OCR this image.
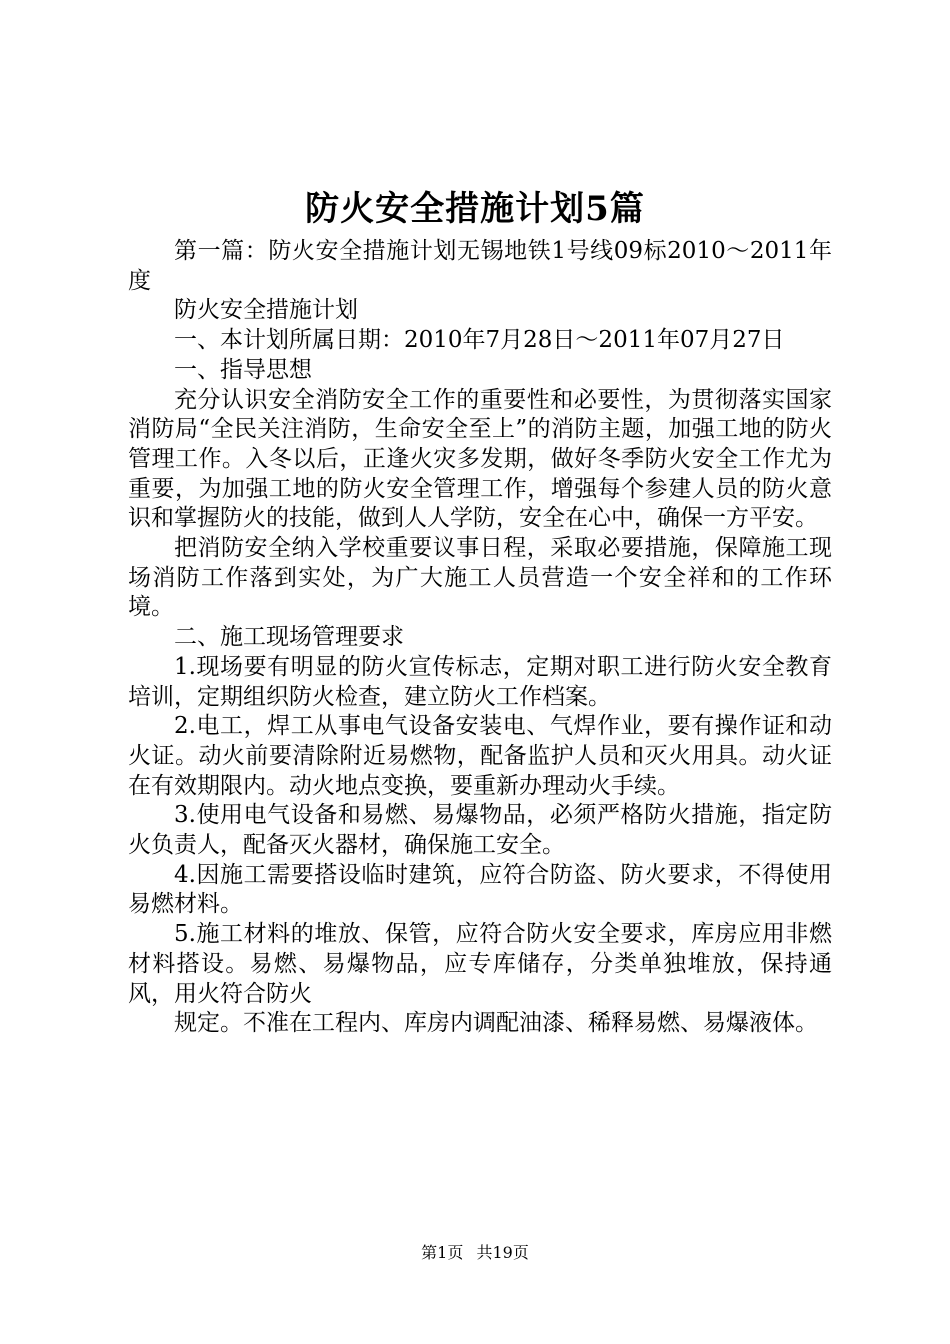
防火安全措施计划5篇

第一篇：防火安全措施计划无锡地铁1号线09标2010～2011年度

防火安全措施计划

一、本计划所属日期：2010年7月28日～2011年07月27日

一、指导思想

充分认识安全消防安全工作的重要性和必要性，为贯彻落实国家消防局“全民关注消防，生命安全至上”的消防主题，加强工地的防火管理工作。入冬以后，正逢火灾多发期，做好冬季防火安全工作尤为重要，为加强工地的防火安全管理工作，增强每个参建人员的防火意识和掌握防火的技能，做到人人学防，安全在心中，确保一方平安。

把消防安全纳入学校重要议事日程，采取必要措施，保障施工现场消防工作落到实处，为广大施工人员营造一个安全祥和的工作环境。

二、施工现场管理要求

1.现场要有明显的防火宣传标志，定期对职工进行防火安全教育培训，定期组织防火检查，建立防火工作档案。

2.电工，焊工从事电气设备安装电、气焊作业，要有操作证和动火证。动火前要清除附近易燃物，配备监护人员和灭火用具。动火证在有效期限内。动火地点变换，要重新办理动火手续。

3.使用电气设备和易燃、易爆物品，必须严格防火措施，指定防火负责人，配备灭火器材，确保施工安全。

4.因施工需要搭设临时建筑，应符合防盗、防火要求，不得使用易燃材料。

5.施工材料的堆放、保管，应符合防火安全要求，库房应用非燃材料搭设。易燃、易爆物品，应专库储存，分类单独堆放，保持通风，用火符合防火

规定。不准在工程内、库房内调配油漆、稀释易燃、易爆液体。

第1页 共19页
